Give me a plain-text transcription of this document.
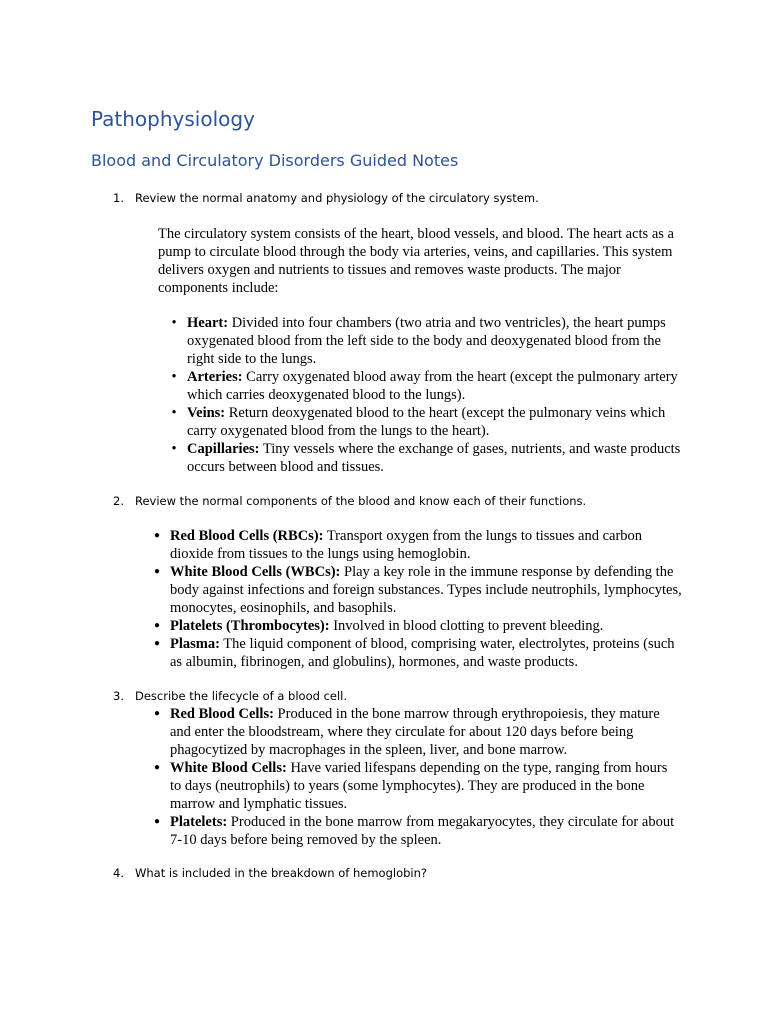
Pathophysiology
Blood and Circulatory Disorders Guided Notes

1. Review the normal anatomy and physiology of the circulatory system.

The circulatory system consists of the heart, blood vessels, and blood. The heart acts as a pump to circulate blood through the body via arteries, veins, and capillaries. This system delivers oxygen and nutrients to tissues and removes waste products. The major components include:

• Heart: Divided into four chambers (two atria and two ventricles), the heart pumps oxygenated blood from the left side to the body and deoxygenated blood from the right side to the lungs.
• Arteries: Carry oxygenated blood away from the heart (except the pulmonary artery which carries deoxygenated blood to the lungs).
• Veins: Return deoxygenated blood to the heart (except the pulmonary veins which carry oxygenated blood from the lungs to the heart).
• Capillaries: Tiny vessels where the exchange of gases, nutrients, and waste products occurs between blood and tissues.

2. Review the normal components of the blood and know each of their functions.

● Red Blood Cells (RBCs): Transport oxygen from the lungs to tissues and carbon dioxide from tissues to the lungs using hemoglobin.
● White Blood Cells (WBCs): Play a key role in the immune response by defending the body against infections and foreign substances. Types include neutrophils, lymphocytes, monocytes, eosinophils, and basophils.
● Platelets (Thrombocytes): Involved in blood clotting to prevent bleeding.
● Plasma: The liquid component of blood, comprising water, electrolytes, proteins (such as albumin, fibrinogen, and globulins), hormones, and waste products.

3. Describe the lifecycle of a blood cell.

● Red Blood Cells: Produced in the bone marrow through erythropoiesis, they mature and enter the bloodstream, where they circulate for about 120 days before being phagocytized by macrophages in the spleen, liver, and bone marrow.
● White Blood Cells: Have varied lifespans depending on the type, ranging from hours to days (neutrophils) to years (some lymphocytes). They are produced in the bone marrow and lymphatic tissues.
● Platelets: Produced in the bone marrow from megakaryocytes, they circulate for about 7-10 days before being removed by the spleen.

4. What is included in the breakdown of hemoglobin?
